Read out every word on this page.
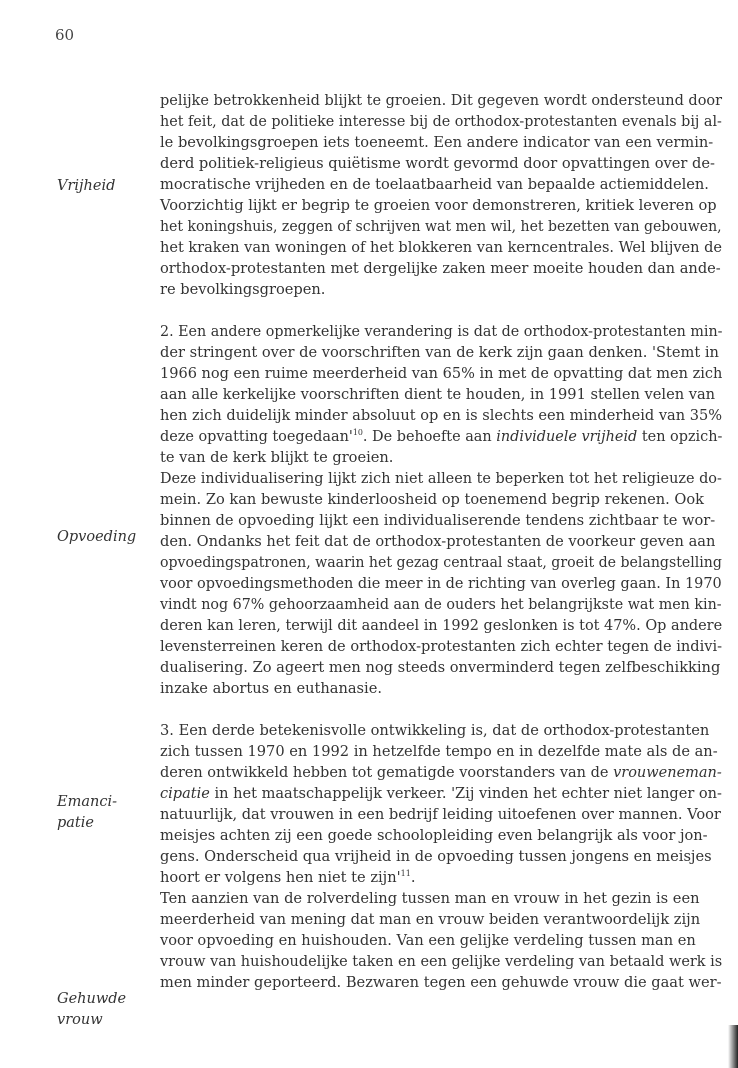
60
Vrijheid
Opvoeding
Emanci-
patie
Gehuwde
vrouw
pelijke betrokkenheid blijkt te groeien. Dit gegeven wordt ondersteund door
het feit, dat de politieke interesse bij de orthodox-protestanten evenals bij al-
le bevolkingsgroepen iets toeneemt. Een andere indicator van een vermin-
derd politiek-religieus quiëtisme wordt gevormd door opvattingen over de-
mocratische vrijheden en de toelaatbaarheid van bepaalde actiemiddelen.
Voorzichtig lijkt er begrip te groeien voor demonstreren, kritiek leveren op
het koningshuis, zeggen of schrijven wat men wil, het bezetten van gebouwen,
het kraken van woningen of het blokkeren van kerncentrales. Wel blijven de
orthodox-protestanten met dergelijke zaken meer moeite houden dan ande-
re bevolkingsgroepen.
2. Een andere opmerkelijke verandering is dat de orthodox-protestanten min-
der stringent over de voorschriften van de kerk zijn gaan denken. 'Stemt in
1966 nog een ruime meerderheid van 65% in met de opvatting dat men zich
aan alle kerkelijke voorschriften dient te houden, in 1991 stellen velen van
hen zich duidelijk minder absoluut op en is slechts een minderheid van 35%
deze opvatting $toegedaan'^{10}$. De behoefte aan individuele vrijheid ten opzich-
te van de kerk blijkt te groeien.
Deze individualisering lijkt zich niet alleen te beperken tot het religieuze do-
mein. Zo kan bewuste kinderloosheid op toenemend begrip rekenen. Ook
binnen de opvoeding lijkt een individualiserende tendens zichtbaar te wor-
den. Ondanks het feit dat de orthodox-protestanten de voorkeur geven aan
opvoedingspatronen, waarin het gezag centraal staat, groeit de belangstelling
voor opvoedingsmethoden die meer in de richting van overleg gaan. In 1970
vindt nog 67% gehoorzaamheid aan de ouders het belangrijkste wat men kin-
deren kan leren, terwijl dit aandeel in 1992 geslonken is tot 47%. Op andere
levensterreinen keren de orthodox-protestanten zich echter tegen de indivi-
dualisering. Zo ageert men nog steeds onverminderd tegen zelfbeschikking
inzake abortus en euthanasie.
3. Een derde betekenisvolle ontwikkeling is, dat de orthodox-protestanten
zich tussen 1970 en 1992 in hetzelfde tempo en in dezelfde mate als de an-
deren ontwikkeld hebben tot gematigde voorstanders van de vrouweneman-
cipatie in het maatschappelijk verkeer. 'Zij vinden het echter niet langer on-
natuurlijk, dat vrouwen in een bedrijf leiding uitoefenen over mannen. Voor
meisjes achten zij een goede schoolopleiding even belangrijk als voor jon-
gens. Onderscheid qua vrijheid in de opvoeding tussen jongens en meisjes
hoort er volgens hen niet te $zijn'^{11}$.
Ten aanzien van de rolverdeling tussen man en vrouw in het gezin is een
meerderheid van mening dat man en vrouw beiden verantwoordelijk zijn
voor opvoeding en huishouden. Van een gelijke verdeling tussen man en
vrouw van huishoudelijke taken en een gelijke verdeling van betaald werk is
men minder geporteerd. Bezwaren tegen een gehuwde vrouw die gaat wer-
